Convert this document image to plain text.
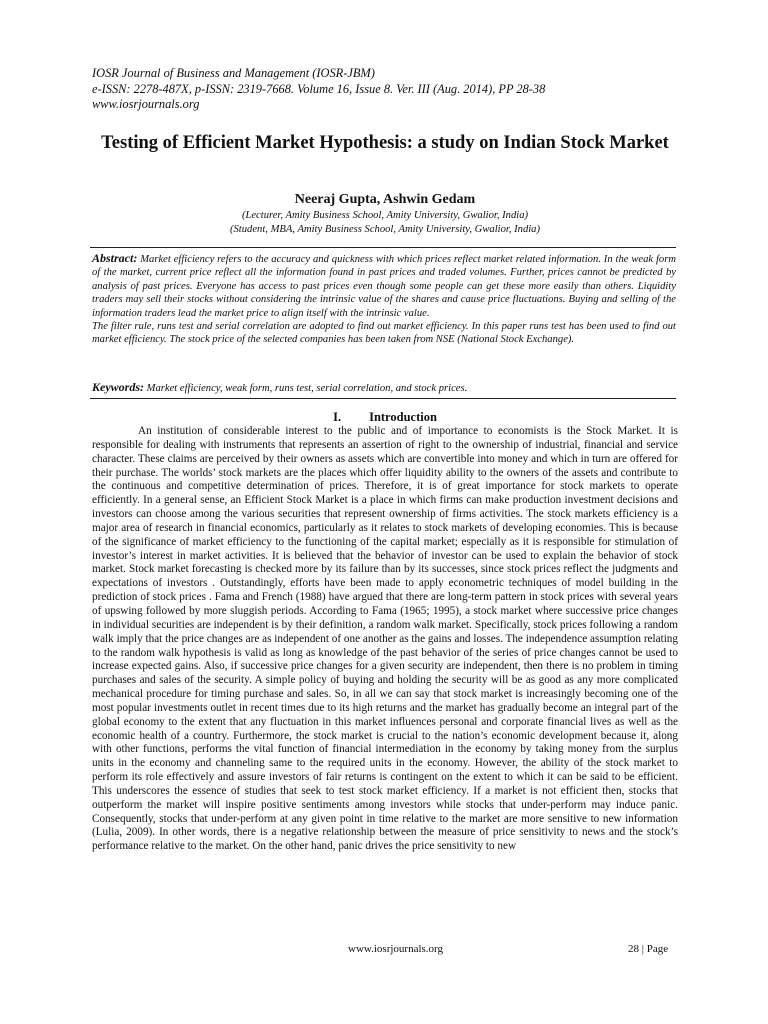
IOSR Journal of Business and Management (IOSR-JBM)
e-ISSN: 2278-487X, p-ISSN: 2319-7668. Volume 16, Issue 8. Ver. III (Aug. 2014), PP 28-38
www.iosrjournals.org
Testing of Efficient Market Hypothesis: a study on Indian Stock Market
Neeraj Gupta, Ashwin Gedam
(Lecturer, Amity Business School, Amity University, Gwalior, India)
(Student, MBA, Amity Business School, Amity University, Gwalior, India)

Abstract: Market efficiency refers to the accuracy and quickness with which prices reflect market related information. In the weak form of the market, current price reflect all the information found in past prices and traded volumes. Further, prices cannot be predicted by analysis of past prices. Everyone has access to past prices even though some people can get these more easily than others. Liquidity traders may sell their stocks without considering the intrinsic value of the shares and cause price fluctuations. Buying and selling of the information traders lead the market price to align itself with the intrinsic value.

The filter rule, runs test and serial correlation are adopted to find out market efficiency. In this paper runs test has been used to find out market efficiency. The stock price of the selected companies has been taken from NSE (National Stock Exchange).

Keywords: Market efficiency, weak form, runs test, serial correlation, and stock prices.
I. Introduction

An institution of considerable interest to the public and of importance to economists is the Stock Market. It is responsible for dealing with instruments that represents an assertion of right to the ownership of industrial, financial and service character. These claims are perceived by their owners as assets which are convertible into money and which in turn are offered for their purchase. The worlds’ stock markets are the places which offer liquidity ability to the owners of the assets and contribute to the continuous and competitive determination of prices. Therefore, it is of great importance for stock markets to operate efficiently. In a general sense, an Efficient Stock Market is a place in which firms can make production investment decisions and investors can choose among the various securities that represent ownership of firms activities. The stock markets efficiency is a major area of research in financial economics, particularly as it relates to stock markets of developing economies. This is because of the significance of market efficiency to the functioning of the capital market; especially as it is responsible for stimulation of investor’s interest in market activities. It is believed that the behavior of investor can be used to explain the behavior of stock market. Stock market forecasting is checked more by its failure than by its successes, since stock prices reflect the judgments and expectations of investors . Outstandingly, efforts have been made to apply econometric techniques of model building in the prediction of stock prices . Fama and French (1988) have argued that there are long-term pattern in stock prices with several years of upswing followed by more sluggish periods. According to Fama (1965; 1995), a stock market where successive price changes in individual securities are independent is by their definition, a random walk market. Specifically, stock prices following a random walk imply that the price changes are as independent of one another as the gains and losses. The independence assumption relating to the random walk hypothesis is valid as long as knowledge of the past behavior of the series of price changes cannot be used to increase expected gains. Also, if successive price changes for a given security are independent, then there is no problem in timing purchases and sales of the security. A simple policy of buying and holding the security will be as good as any more complicated mechanical procedure for timing purchase and sales. So, in all we can say that stock market is increasingly becoming one of the most popular investments outlet in recent times due to its high returns and the market has gradually become an integral part of the global economy to the extent that any fluctuation in this market influences personal and corporate financial lives as well as the economic health of a country. Furthermore, the stock market is crucial to the nation’s economic development because it, along with other functions, performs the vital function of financial intermediation in the economy by taking money from the surplus units in the economy and channeling same to the required units in the economy. However, the ability of the stock market to perform its role effectively and assure investors of fair returns is contingent on the extent to which it can be said to be efficient. This underscores the essence of studies that seek to test stock market efficiency. If a market is not efficient then, stocks that outperform the market will inspire positive sentiments among investors while stocks that under-perform may induce panic. Consequently, stocks that under-perform at any given point in time relative to the market are more sensitive to new information (Lulia, 2009). In other words, there is a negative relationship between the measure of price sensitivity to news and the stock’s performance relative to the market. On the other hand, panic drives the price sensitivity to new

www.iosrjournals.org	28 | Page
